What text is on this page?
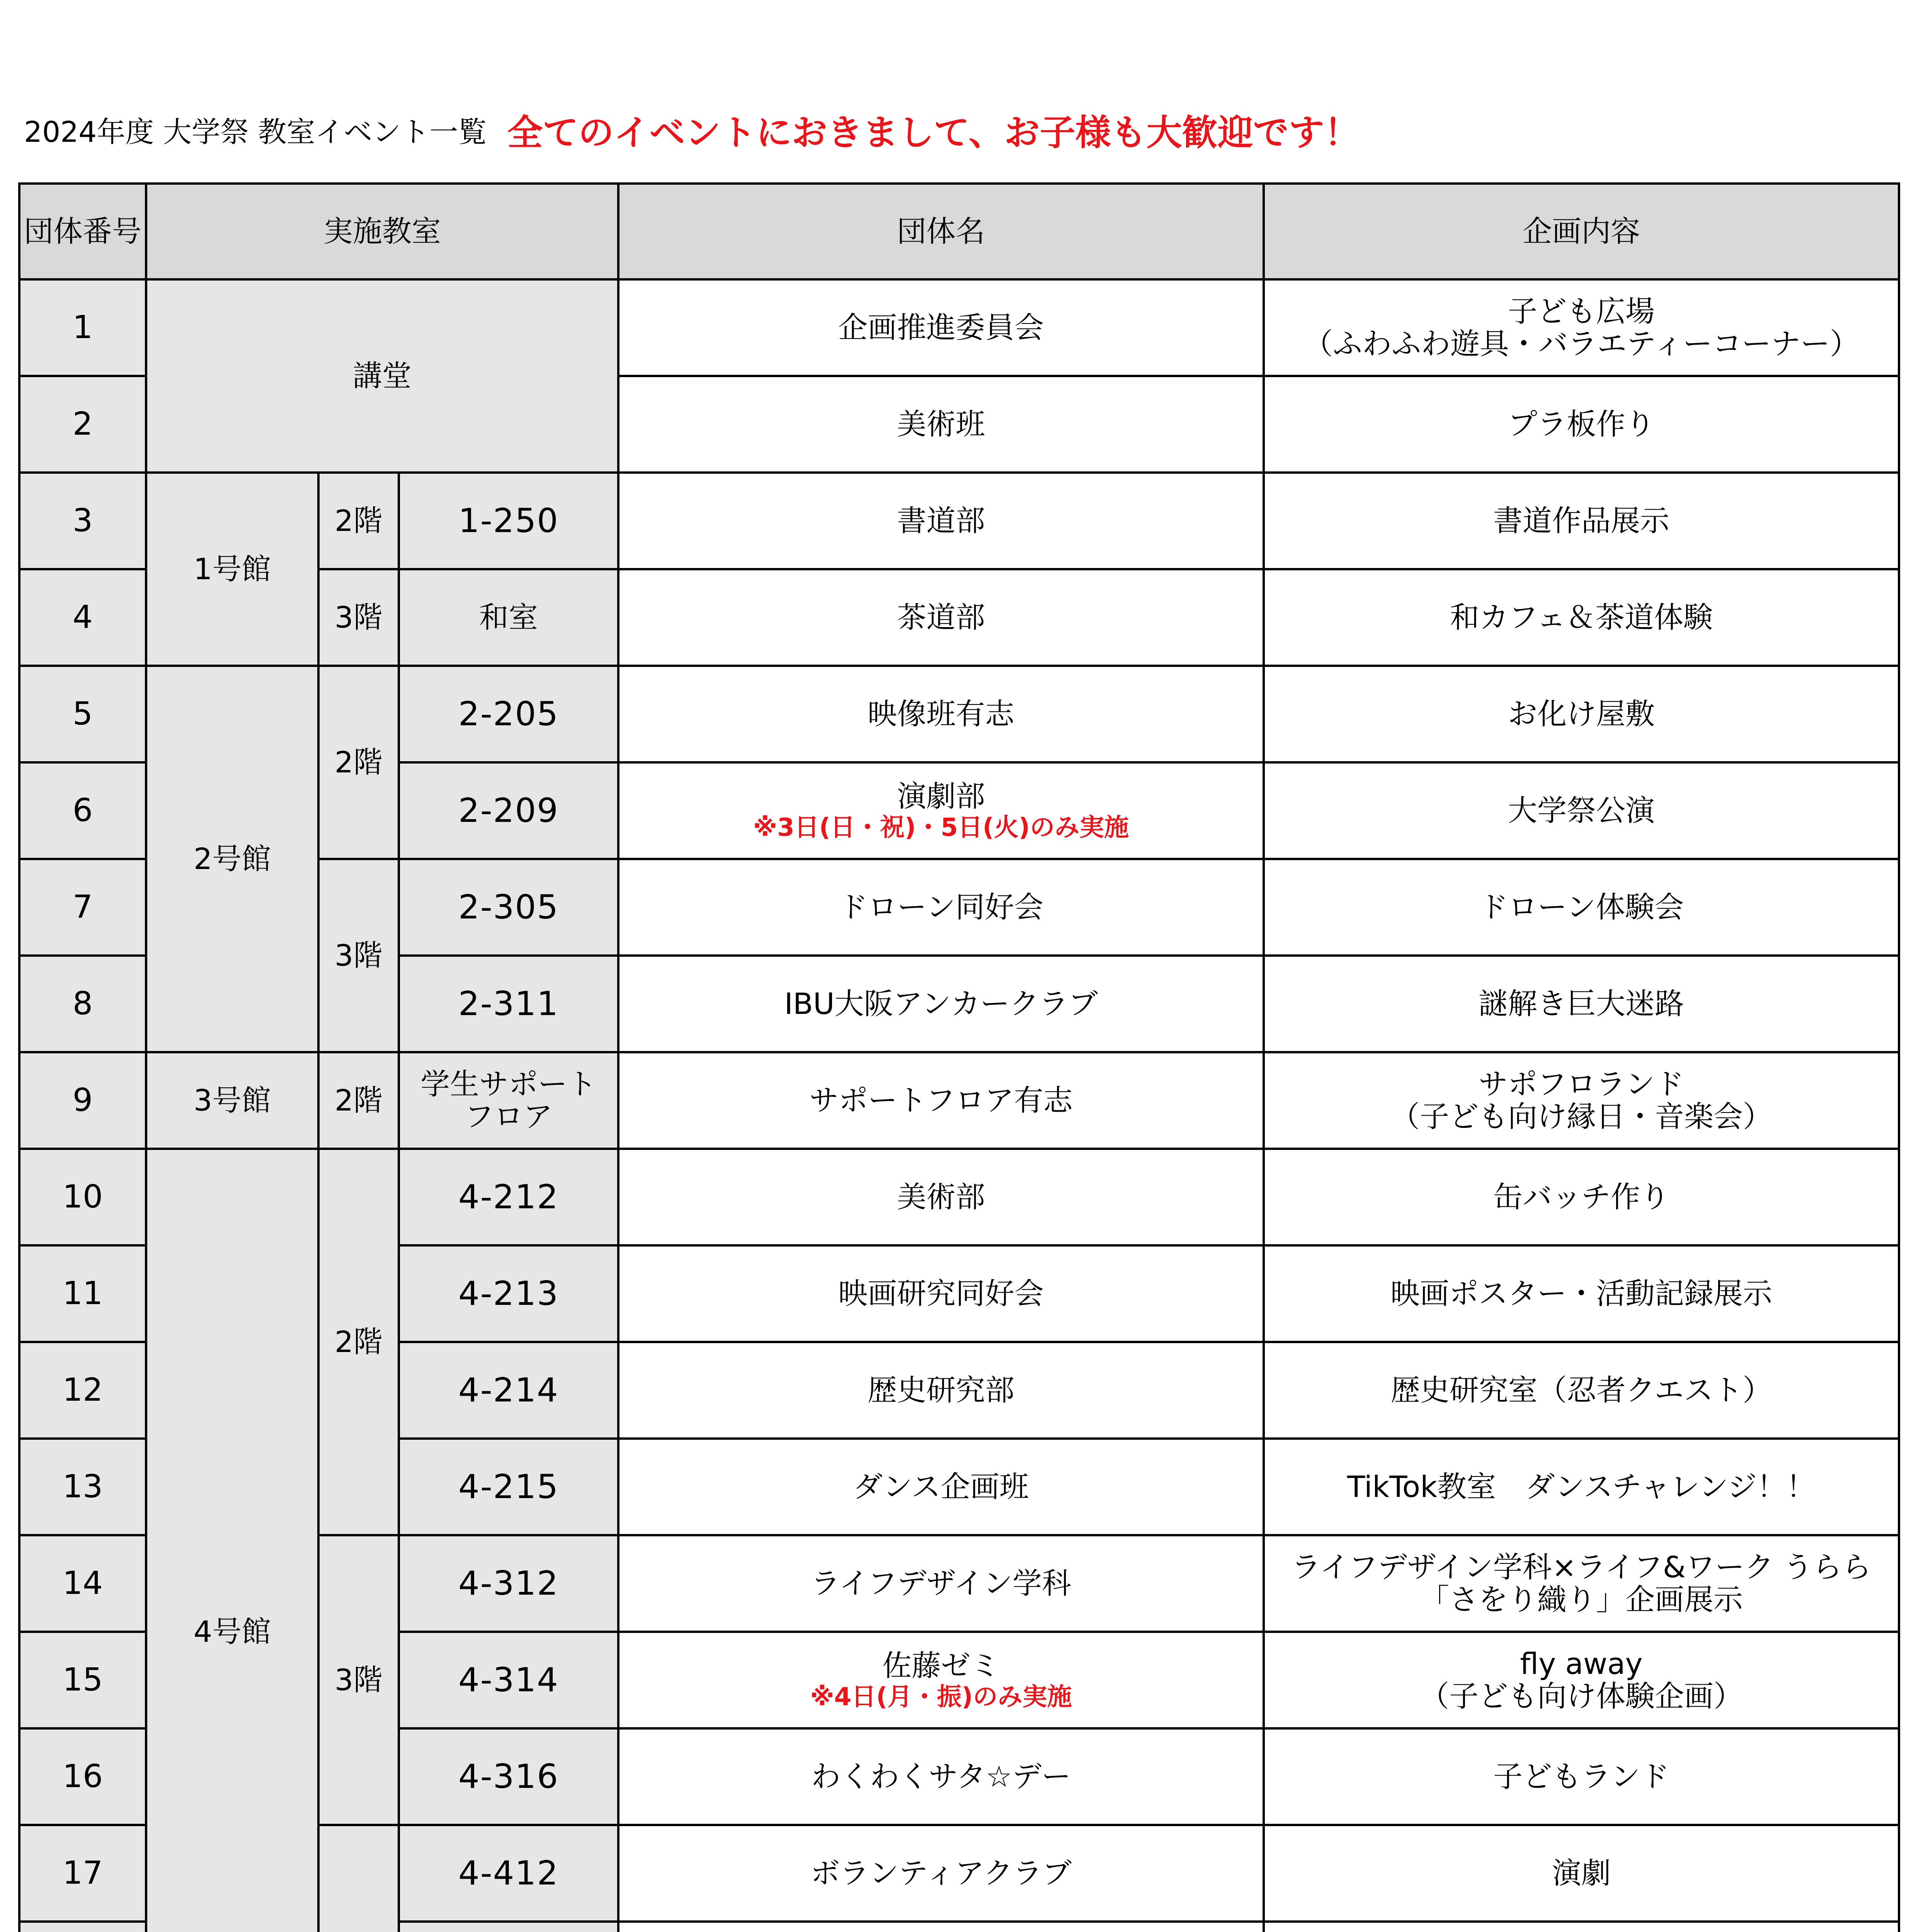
2024年度 大学祭 教室イベント一覧 全てのイベントにおきまして、お子様も大歓迎です！
団体番号	実施教室			団体名	企画内容
1	講堂			企画推進委員会	子ども広場
（ふわふわ遊具・バラエティーコーナー）

2				美術班	プラ板作り
3	1号館	2階	1-250	書道部	書道作品展示
4		3階	和室	茶道部	和カフェ＆茶道体験
5	2号館	2階	2-205	映像班有志	お化け屋敷
6			2-209	演劇部
※3日(日・祝)・5日(火)のみ実施	大学祭公演
7		3階	2-305	ドローン同好会	ドローン体験会
8			2-311	IBU大阪アンカークラブ	謎解き巨大迷路
9	3号館	2階	学生サポート
フロア	サポートフロア有志	サポフロランド
（子ども向け縁日・音楽会）

10	4号館	2階	4-212	美術部	缶バッチ作り
11			4-213	映画研究同好会	映画ポスター・活動記録展示
12			4-214	歴史研究部	歴史研究室（忍者クエスト）
13			4-215	ダンス企画班	TikTok教室　ダンスチャレンジ！！
14		3階	4-312	ライフデザイン学科	ライフデザイン学科×ライフ&ワーク うらら
「さをり織り」企画展示

15			4-314	佐藤ゼミ
※4日(月・振)のみ実施	fly away
（子ども向け体験企画）

16			4-316	わくわくサタ☆デー	子どもランド
17			4-412	ボランティアクラブ	演劇
